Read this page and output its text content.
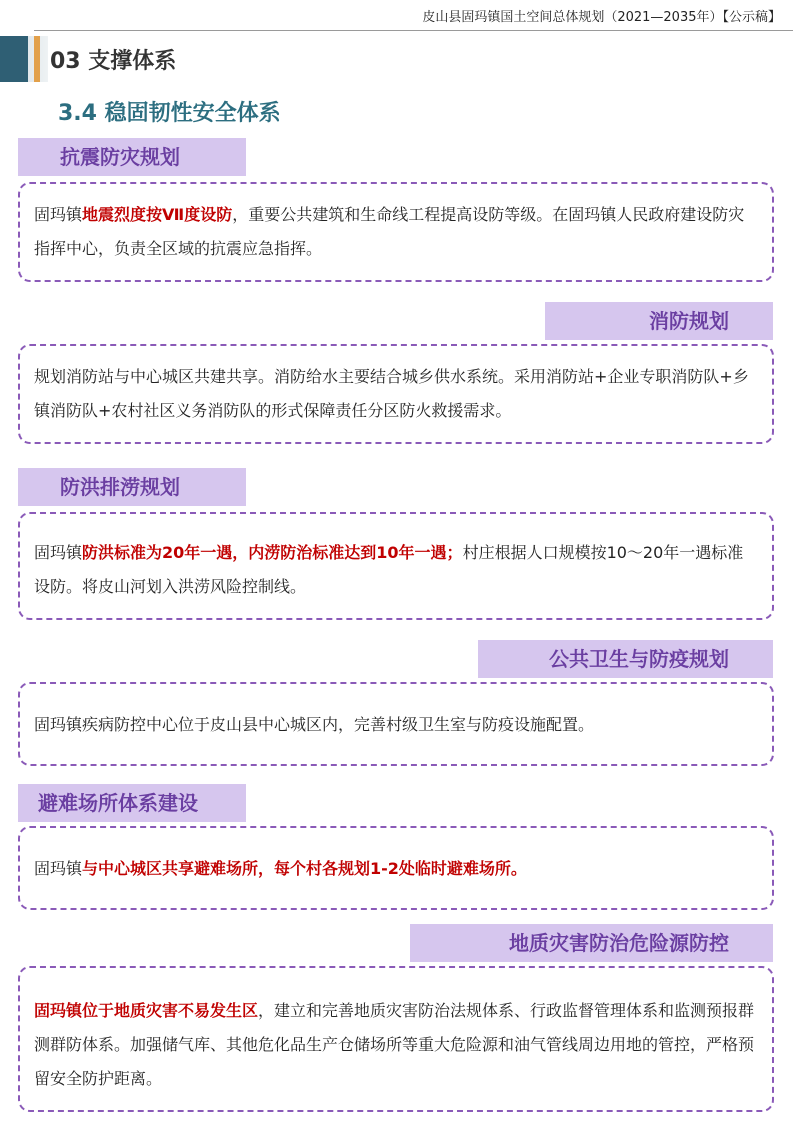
皮山县固玛镇国土空间总体规划（2021—2035年）【公示稿】
03 支撑体系
3.4 稳固韧性安全体系
抗震防灾规划

固玛镇地震烈度按Ⅶ度设防，重要公共建筑和生命线工程提高设防等级。在固玛镇人民政府建设防灾指挥中心，负责全区域的抗震应急指挥。

消防规划

规划消防站与中心城区共建共享。消防给水主要结合城乡供水系统。采用消防站+企业专职消防队+乡镇消防队+农村社区义务消防队的形式保障责任分区防火救援需求。

防洪排涝规划

固玛镇防洪标准为20年一遇，内涝防治标准达到10年一遇；村庄根据人口规模按10～20年一遇标准设防。将皮山河划入洪涝风险控制线。

公共卫生与防疫规划

固玛镇疾病防控中心位于皮山县中心城区内，完善村级卫生室与防疫设施配置。

避难场所体系建设

固玛镇与中心城区共享避难场所，每个村各规划1-2处临时避难场所。

地质灾害防治危险源防控

固玛镇位于地质灾害不易发生区，建立和完善地质灾害防治法规体系、行政监督管理体系和监测预报群测群防体系。加强储气库、其他危化品生产仓储场所等重大危险源和油气管线周边用地的管控，严格预留安全防护距离。
